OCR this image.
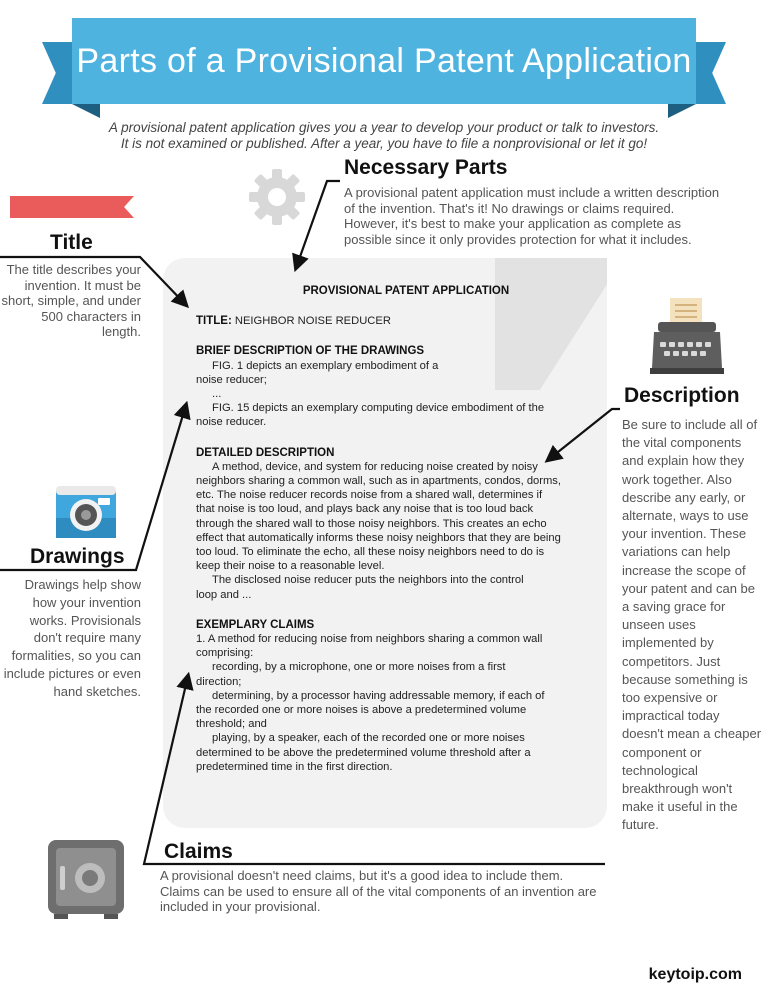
Parts of a Provisional Patent Application
A provisional patent application gives you a year to develop your product or talk to investors.
It is not examined or published. After a year, you have to file a nonprovisional or let it go!
Necessary Parts
A provisional patent application must include a written description of the invention. That's it! No drawings or claims required. However, it's best to make your application as complete as possible since it only provides protection for what it includes.
Title
The title describes your invention. It must be short, simple, and under 500 characters in length.
PROVISIONAL PATENT APPLICATION
TITLE: NEIGHBOR NOISE REDUCER
BRIEF DESCRIPTION OF THE DRAWINGS
FIG. 1 depicts an exemplary embodiment of a noise reducer;
...
FIG. 15 depicts an exemplary computing device embodiment of the noise reducer.
DETAILED DESCRIPTION
A method, device, and system for reducing noise created by noisy neighbors sharing a common wall, such as in apartments, condos, dorms, etc. The noise reducer records noise from a shared wall, determines if that noise is too loud, and plays back any noise that is too loud back through the shared wall to those noisy neighbors. This creates an echo effect that automatically informs these noisy neighbors that they are being too loud. To eliminate the echo, all these noisy neighbors need to do is keep their noise to a reasonable level.
The disclosed noise reducer puts the neighbors into the control loop and ...
EXEMPLARY CLAIMS
1. A method for reducing noise from neighbors sharing a common wall comprising:
recording, by a microphone, one or more noises from a first direction;
determining, by a processor having addressable memory, if each of the recorded one or more noises is above a predetermined volume threshold; and
playing, by a speaker, each of the recorded one or more noises determined to be above the predetermined volume threshold after a predetermined time in the first direction.
Description
Be sure to include all of the vital components and explain how they work together. Also describe any early, or alternate, ways to use your invention. These variations can help increase the scope of your patent and can be a saving grace for unseen uses implemented by competitors. Just because something is too expensive or impractical today doesn't mean a cheaper component or technological breakthrough won't make it useful in the future.
Drawings
Drawings help show how your invention works. Provisionals don't require many formalities, so you can include pictures or even hand sketches.
Claims
A provisional doesn't need claims, but it's a good idea to include them. Claims can be used to ensure all of the vital components of an invention are included in your provisional.
keytoip.com
